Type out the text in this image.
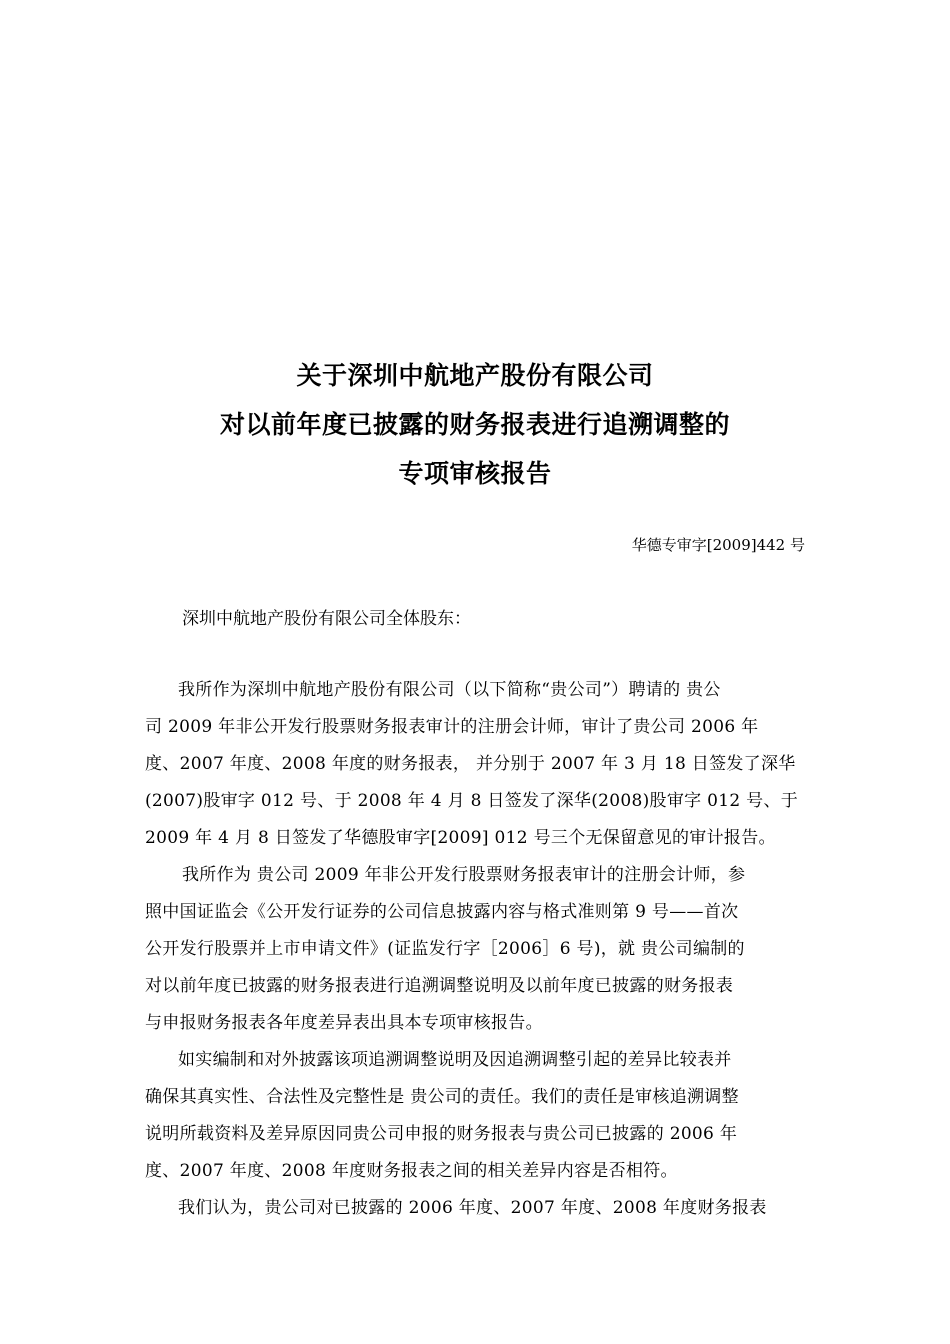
关于深圳中航地产股份有限公司
对以前年度已披露的财务报表进行追溯调整的
专项审核报告
华德专审字[2009]442 号
深圳中航地产股份有限公司全体股东：
我所作为深圳中航地产股份有限公司（以下简称“贵公司”）聘请的 贵公
司 2009 年非公开发行股票财务报表审计的注册会计师，审计了贵公司 2006 年
度、2007 年度、2008 年度的财务报表， 并分别于 2007 年 3 月 18 日签发了深华
(2007)股审字 012 号、于 2008 年 4 月 8 日签发了深华(2008)股审字 012 号、于
2009 年 4 月 8 日签发了华德股审字[2009] 012 号三个无保留意见的审计报告。
我所作为 贵公司 2009 年非公开发行股票财务报表审计的注册会计师，参
照中国证监会《公开发行证券的公司信息披露内容与格式准则第 9 号——首次
公开发行股票并上市申请文件》(证监发行字［2006］6 号)，就 贵公司编制的
对以前年度已披露的财务报表进行追溯调整说明及以前年度已披露的财务报表
与申报财务报表各年度差异表出具本专项审核报告。
如实编制和对外披露该项追溯调整说明及因追溯调整引起的差异比较表并
确保其真实性、合法性及完整性是 贵公司的责任。我们的责任是审核追溯调整
说明所载资料及差异原因同贵公司申报的财务报表与贵公司已披露的 2006 年
度、2007 年度、2008 年度财务报表之间的相关差异内容是否相符。
我们认为，贵公司对已披露的 2006 年度、2007 年度、2008 年度财务报表
